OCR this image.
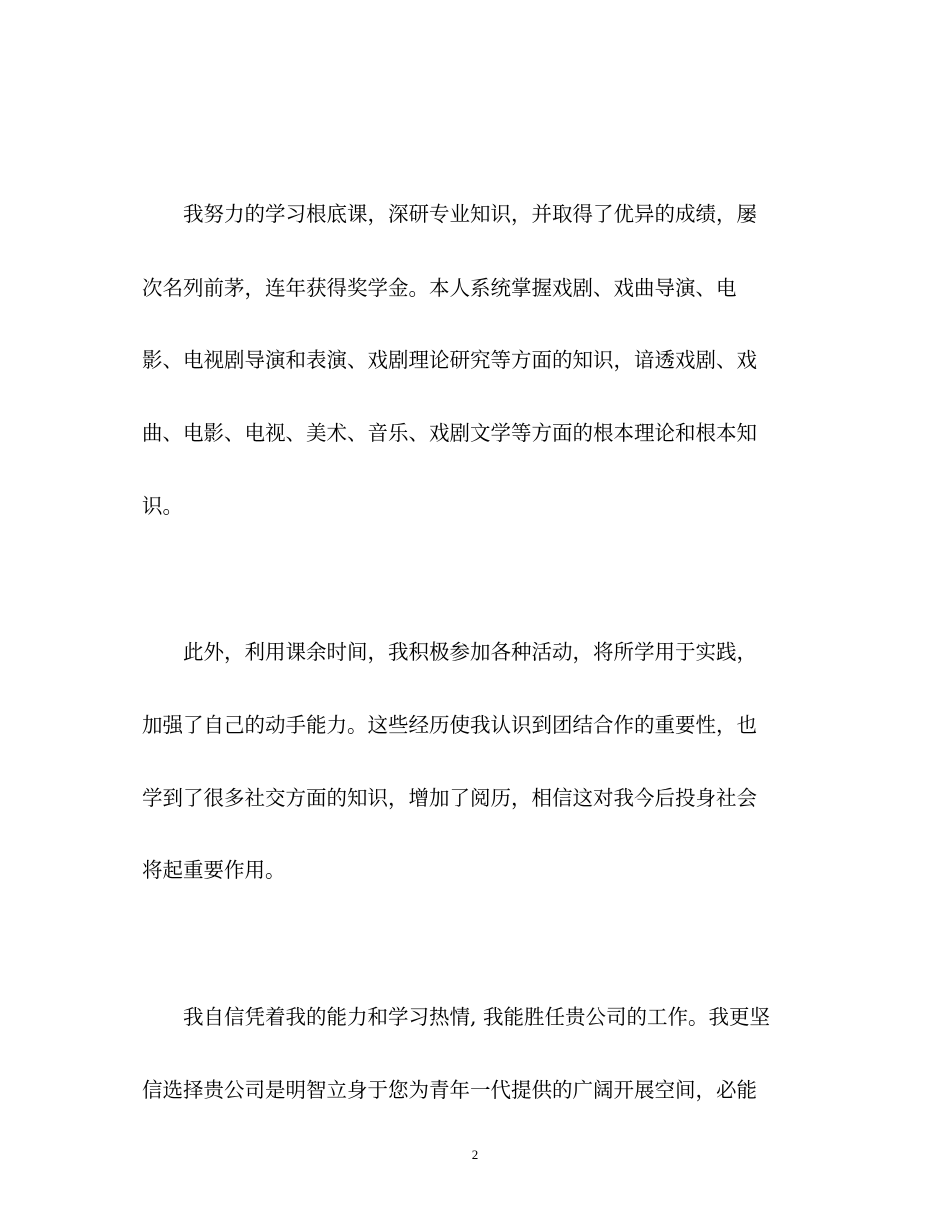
我努力的学习根底课，深研专业知识，并取得了优异的成绩，屡
次名列前茅，连年获得奖学金。本人系统掌握戏剧、戏曲导演、电
影、电视剧导演和表演、戏剧理论研究等方面的知识，谙透戏剧、戏
曲、电影、电视、美术、音乐、戏剧文学等方面的根本理论和根本知
识。
此外，利用课余时间，我积极参加各种活动，将所学用于实践，
加强了自己的动手能力。这些经历使我认识到团结合作的重要性，也
学到了很多社交方面的知识，增加了阅历，相信这对我今后投身社会
将起重要作用。
我自信凭着我的能力和学习热情, 我能胜任贵公司的工作。我更坚
信选择贵公司是明智立身于您为青年一代提供的广阔开展空间，必能
2
